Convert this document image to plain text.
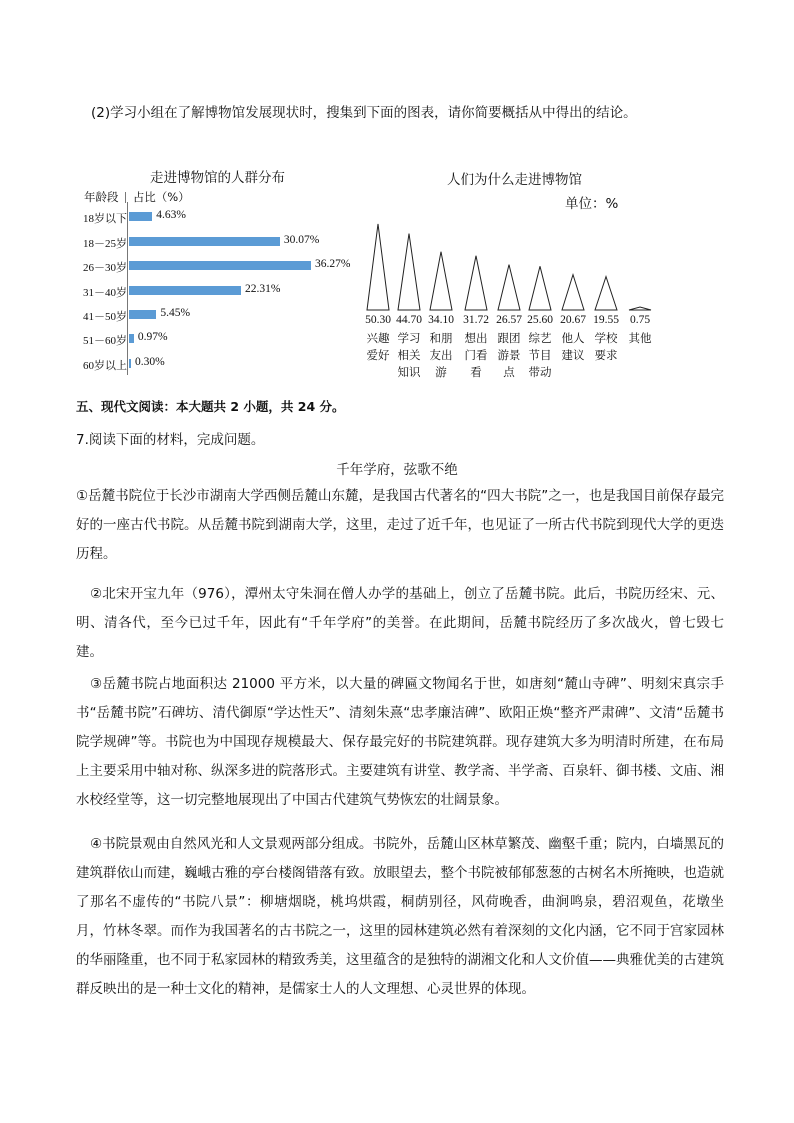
(2)学习小组在了解博物馆发展现状时，搜集到下面的图表，请你简要概括从中得出的结论。
走进博物馆的人群分布
年龄段 占比（%）
18岁以下	4.63%
18－25岁	30.07%
26－30岁	36.27%
31－40岁	22.31%
41－50岁	5.45%
51－60岁 0.97%
60岁以上 0.30%
人们为什么走进博物馆
单位：%
50.30
兴趣
爱好
44.70
学习
相关
知识
34.10
和朋
友出
游
31.72
想出
门看
看
26.57
跟团
游景
点
25.60
综艺
节目
带动
20.67
他人
建议
19.55
学校
要求
0.75
其他
五、现代文阅读：本大题共 2 小题，共 24 分。
7.阅读下面的材料，完成问题。
千年学府，弦歌不绝

①岳麓书院位于长沙市湖南大学西侧岳麓山东麓，是我国古代著名的“四大书院”之一，也是我国目前保存最完好的一座古代书院。从岳麓书院到湖南大学，这里，走过了近千年，也见证了一所古代书院到现代大学的更迭历程。

②北宋开宝九年（976），潭州太守朱洞在僧人办学的基础上，创立了岳麓书院。此后，书院历经宋、元、明、清各代，至今已过千年，因此有“千年学府”的美誉。在此期间，岳麓书院经历了多次战火，曾七毁七建。

③岳麓书院占地面积达 21000 平方米，以大量的碑匾文物闻名于世，如唐刻“麓山寺碑”、明刻宋真宗手书“岳麓书院”石碑坊、清代御原“学达性天”、清刻朱熹“忠孝廉洁碑”、欧阳正焕“整齐严肃碑”、文清“岳麓书院学规碑”等。书院也为中国现存规模最大、保存最完好的书院建筑群。现存建筑大多为明清时所建，在布局上主要采用中轴对称、纵深多进的院落形式。主要建筑有讲堂、教学斋、半学斋、百泉轩、御书楼、文庙、湘水校经堂等，这一切完整地展现出了中国古代建筑气势恢宏的壮阔景象。

④书院景观由自然风光和人文景观两部分组成。书院外，岳麓山区林草繁茂、幽壑千重；院内，白墙黑瓦的建筑群依山而建，巍峨古雅的亭台楼阁错落有致。放眼望去，整个书院被郁郁葱葱的古树名木所掩映，也造就了那名不虚传的“书院八景”：柳塘烟晓，桃坞烘霞，桐荫别径，风荷晚香，曲涧鸣泉，碧沼观鱼，花墩坐月，竹林冬翠。而作为我国著名的古书院之一，这里的园林建筑必然有着深刻的文化内涵，它不同于宫家园林的华丽隆重，也不同于私家园林的精致秀美，这里蕴含的是独特的湖湘文化和人文价值——典雅优美的古建筑群反映出的是一种士文化的精神，是儒家士人的人文理想、心灵世界的体现。
